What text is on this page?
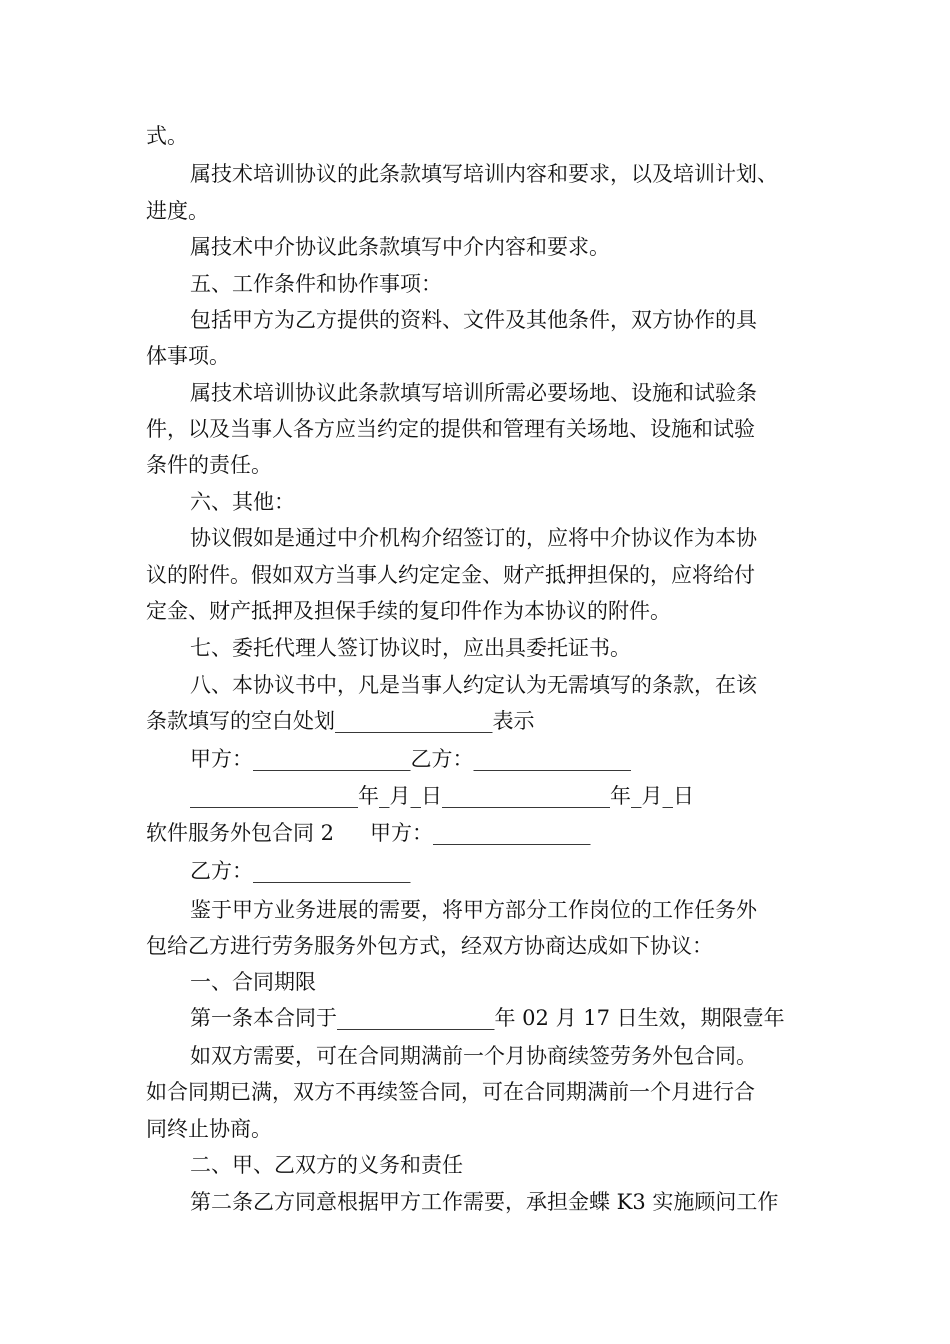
式。
属技术培训协议的此条款填写培训内容和要求，以及培训计划、
进度。
属技术中介协议此条款填写中介内容和要求。
五、工作条件和协作事项：
包括甲方为乙方提供的资料、文件及其他条件，双方协作的具
体事项。
属技术培训协议此条款填写培训所需必要场地、设施和试验条
件，以及当事人各方应当约定的提供和管理有关场地、设施和试验
条件的责任。
六、其他：
协议假如是通过中介机构介绍签订的，应将中介协议作为本协
议的附件。假如双方当事人约定定金、财产抵押担保的，应将给付
定金、财产抵押及担保手续的复印件作为本协议的附件。
七、委托代理人签订协议时，应出具委托证书。
八、本协议书中，凡是当事人约定认为无需填写的条款，在该
条款填写的空白处划_______________表示
甲方：_______________乙方：_______________
________________年_月_日________________年_月_日
软件服务外包合同 2 甲方：_______________
乙方：_______________
鉴于甲方业务进展的需要，将甲方部分工作岗位的工作任务外
包给乙方进行劳务服务外包方式，经双方协商达成如下协议：
一、合同期限
第一条本合同于_______________年 02 月 17 日生效，期限壹年
如双方需要，可在合同期满前一个月协商续签劳务外包合同。
如合同期已满，双方不再续签合同，可在合同期满前一个月进行合
同终止协商。
二、甲、乙双方的义务和责任
第二条乙方同意根据甲方工作需要，承担金蝶 K3 实施顾问工作
